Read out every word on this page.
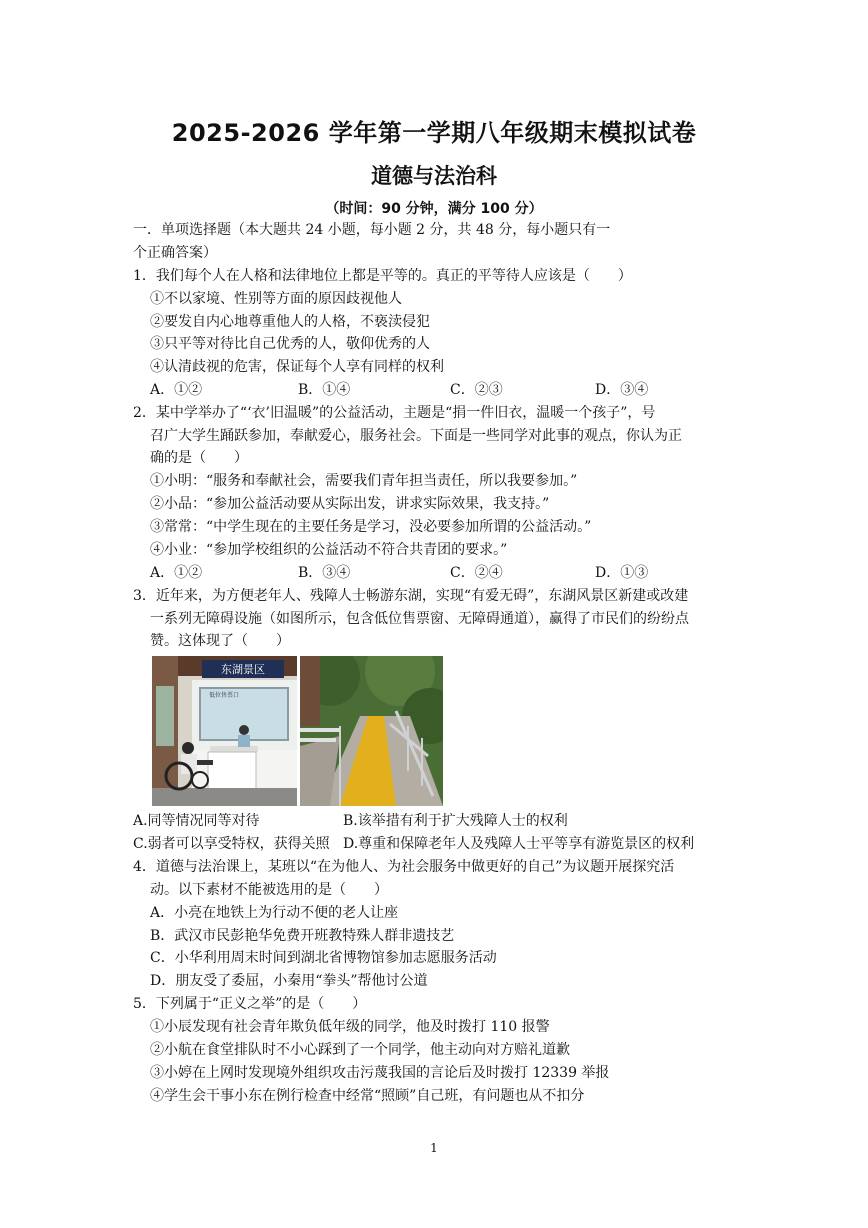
2025-2026 学年第一学期八年级期末模拟试卷
道德与法治科
（时间：90 分钟，满分 100 分）
一．单项选择题（本大题共 24 小题，每小题 2 分，共 48 分，每小题只有一
个正确答案）
1．我们每个人在人格和法律地位上都是平等的。真正的平等待人应该是（　　）
①不以家境、性别等方面的原因歧视他人
②要发自内心地尊重他人的人格，不亵渎侵犯
③只平等对待比自己优秀的人，敬仰优秀的人
④认清歧视的危害，保证每个人享有同样的权利
A．①②	B．①④	C．②③	D．③④
2．某中学举办了“‘衣’旧温暖”的公益活动，主题是“捐一件旧衣，温暖一个孩子”，号
召广大学生踊跃参加，奉献爱心，服务社会。下面是一些同学对此事的观点，你认为正
确的是（　　）
①小明：“服务和奉献社会，需要我们青年担当责任，所以我要参加。”
②小品：“参加公益活动要从实际出发，讲求实际效果，我支持。”
③常常：“中学生现在的主要任务是学习，没必要参加所谓的公益活动。”
④小业：“参加学校组织的公益活动不符合共青团的要求。”
A．①②	B．③④	C．②④	D．①③
3．近年来，为方便老年人、残障人士畅游东湖，实现“有爱无碍”，东湖风景区新建或改建
一系列无障碍设施（如图所示，包含低位售票窗、无障碍通道），赢得了市民们的纷纷点
赞。这体现了（　　）
东湖景区
低位售票口
A.同等情况同等对待	B.该举措有利于扩大残障人士的权利
C.弱者可以享受特权，获得关照 D.尊重和保障老年人及残障人士平等享有游览景区的权利
4．道德与法治课上，某班以“在为他人、为社会服务中做更好的自己”为议题开展探究活
动。以下素材不能被选用的是（　　）
A．小亮在地铁上为行动不便的老人让座
B．武汉市民彭艳华免费开班教特殊人群非遗技艺
C．小华利用周末时间到湖北省博物馆参加志愿服务活动
D．朋友受了委屈，小秦用“拳头”帮他讨公道
5．下列属于“正义之举”的是（　　）
①小辰发现有社会青年欺负低年级的同学，他及时拨打 110 报警
②小航在食堂排队时不小心踩到了一个同学，他主动向对方赔礼道歉
③小婷在上网时发现境外组织攻击污蔑我国的言论后及时拨打 12339 举报
④学生会干事小东在例行检查中经常“照顾”自己班，有问题也从不扣分
1
